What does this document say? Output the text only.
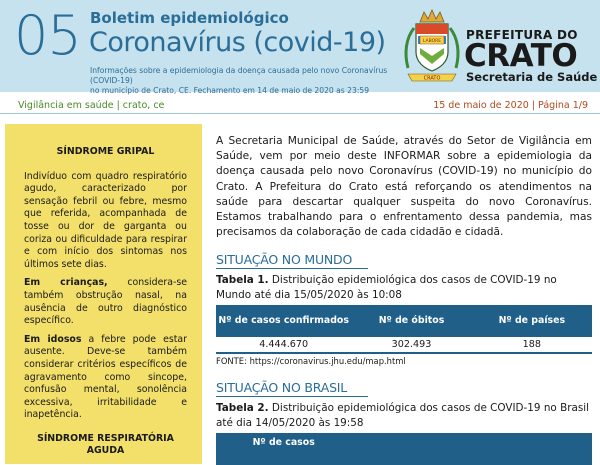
05 Boletim epidemiológico
Coronavírus (covid-19)
Informações sobre a epidemiologia da doença causada pelo novo Coronavírus (COVID-19)
no município de Crato, CE. Fechamento em 14 de maio de 2020 as 23:59
LABORE
CRATO
PREFEITURA DO
CRATO
Secretaria de Saúde
Vigilância em saúde | crato, ce	15 de maio de 2020 | Página 1/9
SÍNDROME GRIPAL

Indivíduo com quadro respiratório agudo, caracterizado por sensação febril ou febre, mesmo que referida, acompanhada de tosse ou dor de garganta ou coriza ou dificuldade para respirar e com início dos sintomas nos últimos sete dias.

Em crianças, considera-se também obstrução nasal, na ausência de outro diagnóstico específico.

Em idosos a febre pode estar ausente. Deve-se também considerar critérios específicos de agravamento como sincope, confusão mental, sonolência excessiva, irritabilidade e inapetência.

SÍNDROME RESPIRATÓRIA AGUDA

A Secretaria Municipal de Saúde, através do Setor de Vigilância em Saúde, vem por meio deste INFORMAR sobre a epidemiologia da doença causada pelo novo Coronavírus (COVID-19) no município do Crato. A Prefeitura do Crato está reforçando os atendimentos na saúde para descartar qualquer suspeita do novo Coronavírus. Estamos trabalhando para o enfrentamento dessa pandemia, mas precisamos da colaboração de cada cidadão e cidadã.

SITUAÇÃO NO MUNDO

Tabela 1. Distribuição epidemiológica dos casos de COVID-19 no Mundo até dia 15/05/2020 às 10:08

Nº de casos confirmados	Nº de óbitos	Nº de países
4.444.670	302.493	188
FONTE: https://coronavirus.jhu.edu/map.html
SITUAÇÃO NO BRASIL

Tabela 2. Distribuição epidemiológica dos casos de COVID-19 no Brasil até dia 14/05/2020 às 19:58

Nº de casos		
